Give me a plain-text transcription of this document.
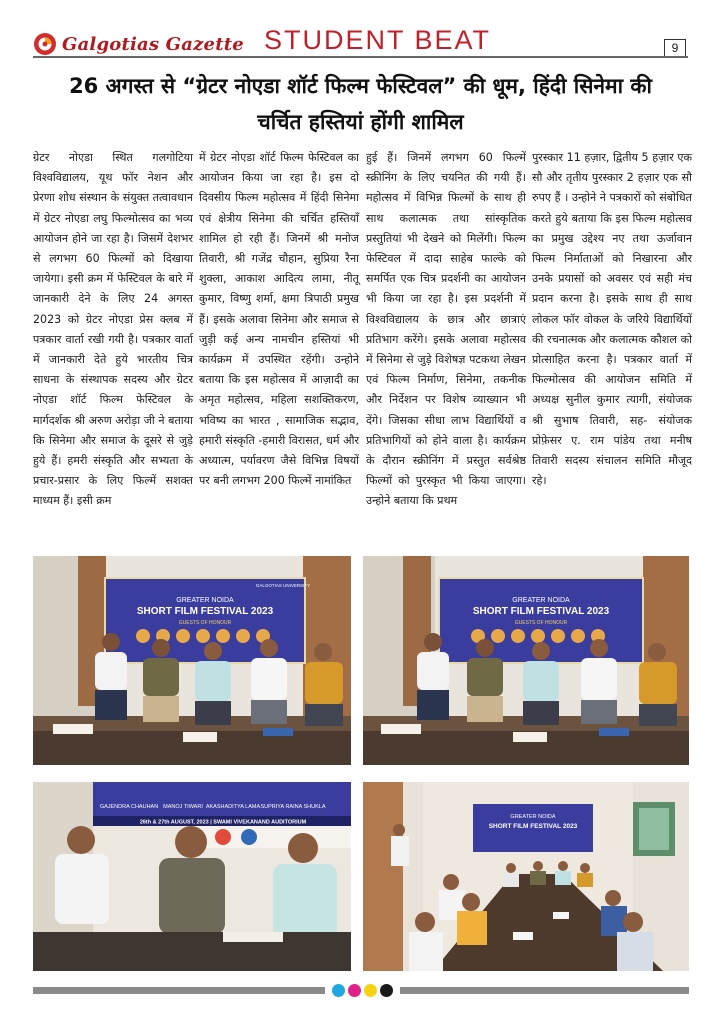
Galgotias Gazette STUDENT BEAT	9
26 अगस्त से “ग्रेटर नोएडा शॉर्ट फिल्म फेस्टिवल” की धूम, हिंदी सिनेमा की
चर्चित हस्तियां होंगी शामिल

ग्रेटर नोएडा स्थित गलगोटिया विश्वविद्यालय, यूथ फॉर नेशन और प्रेरणा शोध संस्थान के संयुक्त तत्वावधान में ग्रेटर नोएडा लघु फिल्मोत्सव का भव्य आयोजन होने जा रहा है। जिसमें देशभर से लगभग 60 फिल्मों को दिखाया जायेगा। इसी क्रम में फेस्टिवल के बारे में जानकारी देने के लिए 24 अगस्त 2023 को ग्रेटर नोएडा प्रेस क्लब में पत्रकार वार्ता रखी गयी है। पत्रकार वार्ता में जानकारी देते हुये भारतीय चित्र साधना के संस्थापक सदस्य और ग्रेटर नोएडा शॉर्ट फिल्म फेस्टिवल के मार्गदर्शक श्री अरुण अरोड़ा जी ने बताया कि सिनेमा और समाज के दूसरे से जुड़े हुये हैं। हमरी संस्कृति और सभ्यता के प्रचार-प्रसार के लिए फिल्में सशक्त माध्यम हैं। इसी क्रम

में ग्रेटर नोएडा शॉर्ट फिल्म फेस्टिवल का आयोजन किया जा रहा है। इस दो दिवसीय फिल्म महोत्सव में हिंदी सिनेमा एवं क्षेत्रीय सिनेमा की चर्चित हस्तियाँ शामिल हो रही हैं। जिनमें श्री मनोज तिवारी, श्री गजेंद्र चौहान, सुप्रिया रैना शुक्ला, आकाश आदित्य लामा, नीतू कुमार, विष्णु शर्मा, क्षमा त्रिपाठी प्रमुख हैं। इसके अलावा सिनेमा और समाज से जुड़ी कई अन्य नामचीन हस्तियां भी कार्यक्रम में उपस्थित रहेंगी। उन्होने बताया कि इस महोत्सव में आज़ादी का अमृत महोत्सव, महिला सशक्तिकरण, भविष्य का भारत , सामाजिक सद्भाव, हमारी संस्कृति -हमारी विरासत, धर्म और अध्यात्म, पर्यावरण जैसे विभिन्न विषयों पर बनी लगभग 200 फिल्में नामांकित

हुई हैं। जिनमें लगभग 60 फिल्में स्क्रीनिंग के लिए चयनित की गयी हैं। महोत्सव में विभिन्न फिल्मों के साथ ही साथ कलात्मक तथा सांस्कृतिक प्रस्तुतियां भी देखने को मिलेंगी। फिल्म फेस्टिवल में दादा साहेब फाल्के को समर्पित एक चित्र प्रदर्शनी का आयोजन भी किया जा रहा है। इस प्रदर्शनी में विश्वविद्यालय के छात्र और छात्राएं प्रतिभाग करेंगे। इसके अलावा महोत्सव में सिनेमा से जुड़े विशेषज्ञ पटकथा लेखन एवं फिल्म निर्माण, सिनेमा, तकनीक और निर्देशन पर विशेष व्याख्यान भी देंगे। जिसका सीधा लाभ विद्यार्थियों व प्रतिभागियों को होने वाला है। कार्यक्रम के दौरान स्क्रीनिंग में प्रस्तुत सर्वश्रेष्ठ फिल्मों को पुरस्कृत भी किया जाएगा। उन्होने बताया कि प्रथम

पुरस्कार 11 हज़ार, द्वितीय 5 हज़ार एक सौ और तृतीय पुरस्कार 2 हज़ार एक सौ रुपए हैं । उन्होने ने पत्रकारों को संबोधित करते हुये बताया कि इस फिल्म महोत्सव का प्रमुख उद्देश्य नए तथा ऊर्जावान फिल्म निर्माताओं को निखारना और उनके प्रयासों को अवसर एवं सही मंच प्रदान करना है। इसके साथ ही साथ लोकल फॉर वोकल के जरिये विद्यार्थियों की रचनात्मक और कलात्मक कौशल को प्रोत्साहित करना है। पत्रकार वार्ता में फिल्मोत्सव की आयोजन समिति में अध्यक्ष सुनील कुमार त्यागी, संयोजक श्री सुभाष तिवारी, सह- संयोजक प्रोफ़ेसर ए. राम पांडेय तथा मनीष तिवारी सदस्य संचालन समिति मौजूद रहे।

GREATER NOIDA
SHORT FILM FESTIVAL 2023
GUESTS OF HONOUR
GALGOTIAS UNIVERSITY
GREATER NOIDA
SHORT FILM FESTIVAL 2023
GUESTS OF HONOUR
GAJENDRA CHAUHAN MANOJ TIWARI AKASHADITYA LAMA SUPRIYA RAINA SHUKLA
26th & 27th AUGUST, 2023 | SWAMI VIVEKANAND AUDITORIUM
GREATER NOIDA
SHORT FILM FESTIVAL 2023
